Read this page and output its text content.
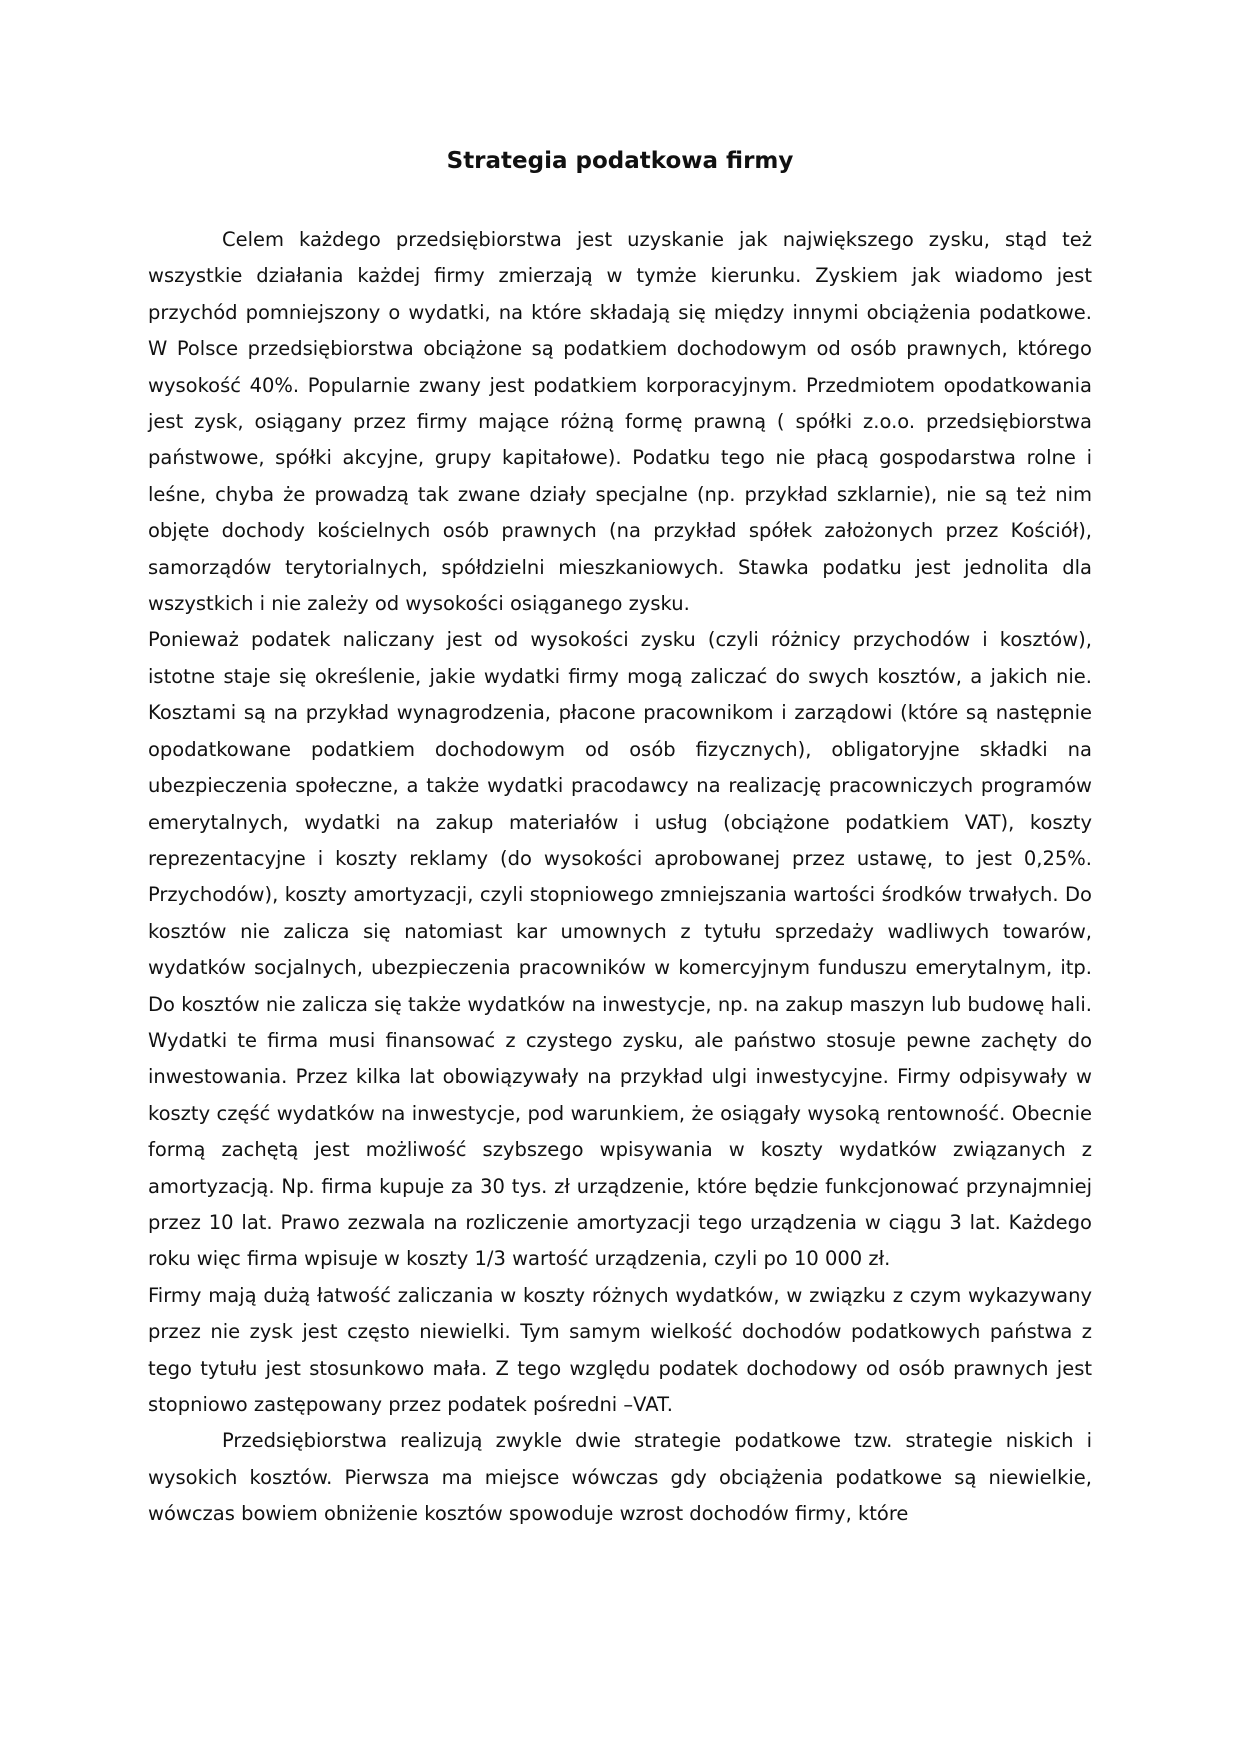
Strategia podatkowa firmy

Celem każdego przedsiębiorstwa jest uzyskanie jak największego zysku, stąd też wszystkie działania każdej firmy zmierzają w tymże kierunku. Zyskiem jak wiadomo jest przychód pomniejszony o wydatki, na które składają się między innymi obciążenia podatkowe. W Polsce przedsiębiorstwa obciążone są podatkiem dochodowym od osób prawnych, którego wysokość 40%. Popularnie zwany jest podatkiem korporacyjnym. Przedmiotem opodatkowania jest zysk, osiągany przez firmy mające różną formę prawną ( spółki z.o.o. przedsiębiorstwa państwowe, spółki akcyjne, grupy kapitałowe). Podatku tego nie płacą gospodarstwa rolne i leśne, chyba że prowadzą tak zwane działy specjalne (np. przykład szklarnie), nie są też nim objęte dochody kościelnych osób prawnych (na przykład spółek założonych przez Kościół), samorządów terytorialnych, spółdzielni mieszkaniowych. Stawka podatku jest jednolita dla wszystkich i nie zależy od wysokości osiąganego zysku.

Ponieważ podatek naliczany jest od wysokości zysku (czyli różnicy przychodów i kosztów), istotne staje się określenie, jakie wydatki firmy mogą zaliczać do swych kosztów, a jakich nie. Kosztami są na przykład wynagrodzenia, płacone pracownikom i zarządowi (które są następnie opodatkowane podatkiem dochodowym od osób fizycznych), obligatoryjne składki na ubezpieczenia społeczne, a także wydatki pracodawcy na realizację pracowniczych programów emerytalnych, wydatki na zakup materiałów i usług (obciążone podatkiem VAT), koszty reprezentacyjne i koszty reklamy (do wysokości aprobowanej przez ustawę, to jest 0,25%. Przychodów), koszty amortyzacji, czyli stopniowego zmniejszania wartości środków trwałych. Do kosztów nie zalicza się natomiast kar umownych z tytułu sprzedaży wadliwych towarów, wydatków socjalnych, ubezpieczenia pracowników w komercyjnym funduszu emerytalnym, itp. Do kosztów nie zalicza się także wydatków na inwestycje, np. na zakup maszyn lub budowę hali. Wydatki te firma musi finansować z czystego zysku, ale państwo stosuje pewne zachęty do inwestowania. Przez kilka lat obowiązywały na przykład ulgi inwestycyjne. Firmy odpisywały w koszty część wydatków na inwestycje, pod warunkiem, że osiągały wysoką rentowność. Obecnie formą zachętą jest możliwość szybszego wpisywania w koszty wydatków związanych z amortyzacją. Np. firma kupuje za 30 tys. zł urządzenie, które będzie funkcjonować przynajmniej przez 10 lat. Prawo zezwala na rozliczenie amortyzacji tego urządzenia w ciągu 3 lat. Każdego roku więc firma wpisuje w koszty 1/3 wartość urządzenia, czyli po 10 000 zł.

Firmy mają dużą łatwość zaliczania w koszty różnych wydatków, w związku z czym wykazywany przez nie zysk jest często niewielki. Tym samym wielkość dochodów podatkowych państwa z tego tytułu jest stosunkowo mała. Z tego względu podatek dochodowy od osób prawnych jest stopniowo zastępowany przez podatek pośredni –VAT.

Przedsiębiorstwa realizują zwykle dwie strategie podatkowe tzw. strategie niskich i wysokich kosztów. Pierwsza ma miejsce wówczas gdy obciążenia podatkowe są niewielkie, wówczas bowiem obniżenie kosztów spowoduje wzrost dochodów firmy, które
